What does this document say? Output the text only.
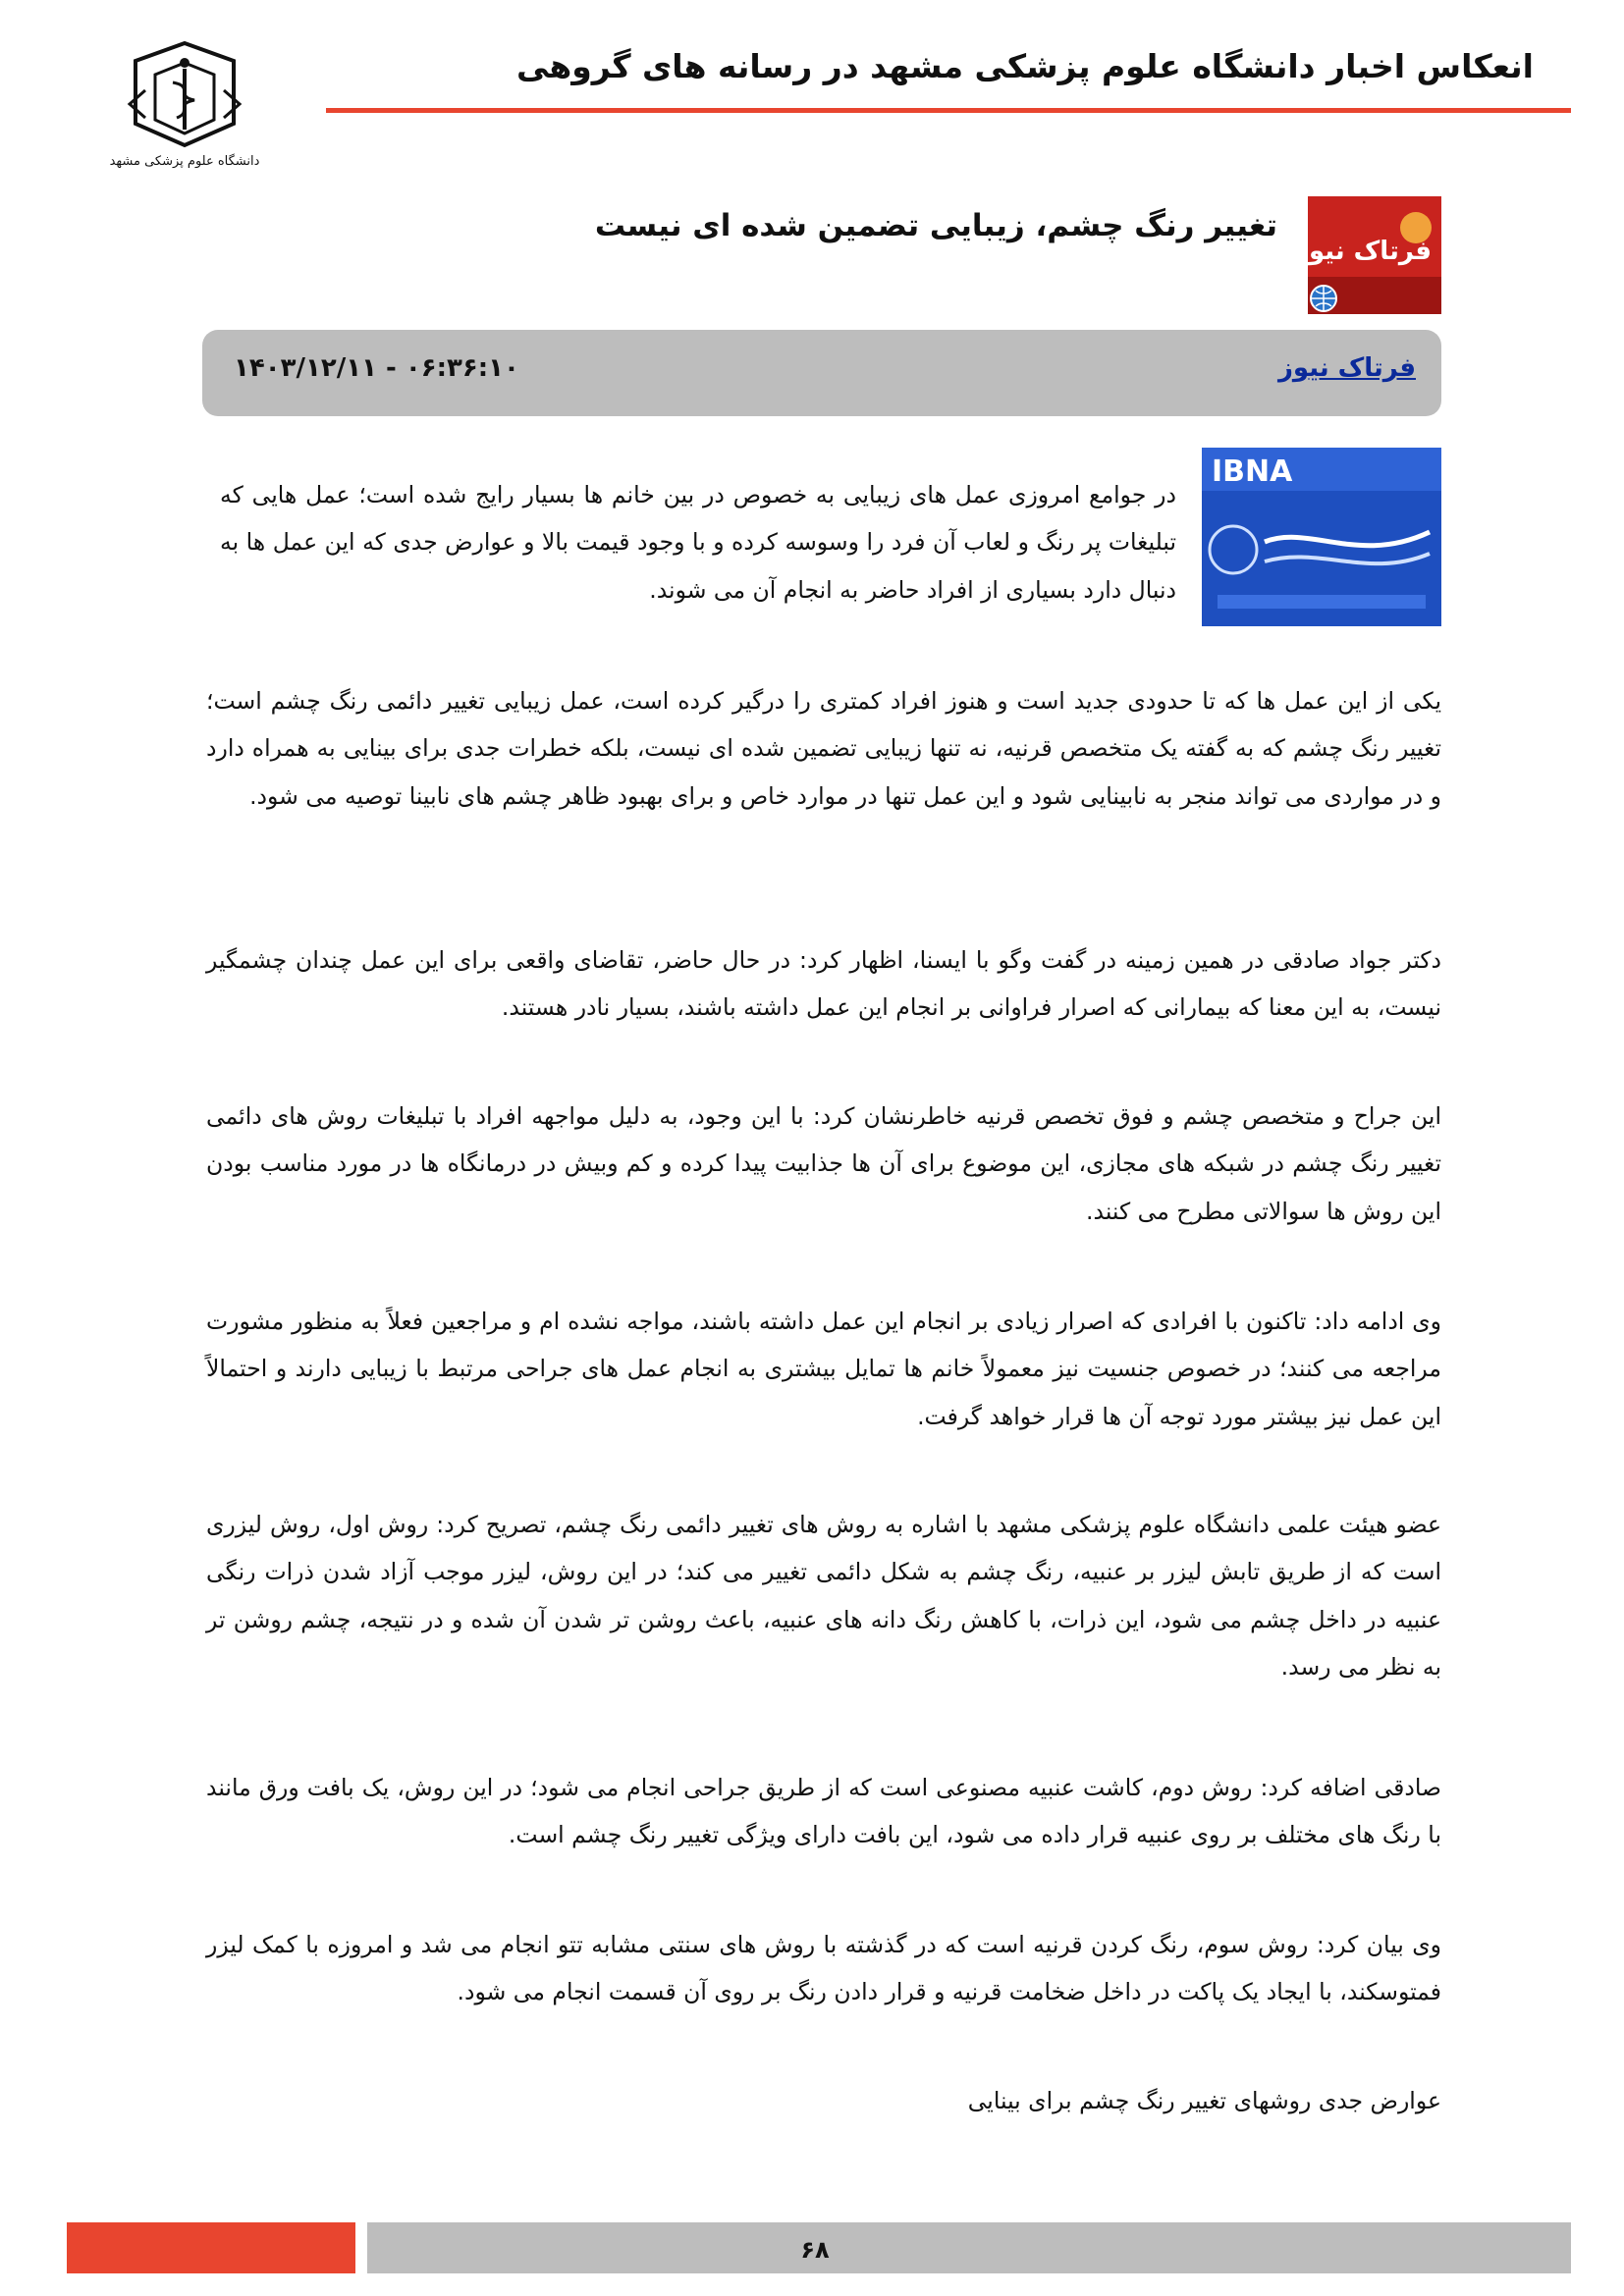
دانشگاه علوم پزشکی مشهد
انعکاس اخبار دانشگاه علوم پزشکی مشهد در رسانه های گروهی
فرتاک نیوز
تغییر رنگ چشم، زیبایی تضمین شده ای نیست
فرتاک نیوز
۱۴۰۳/۱۲/۱۱ - ۰۶:۳۶:۱۰
IBNA

در جوامع امروزی عمل های زیبایی به خصوص در بین خانم ها بسیار رایج شده است؛ عمل هایی که تبلیغات پر رنگ و لعاب آن فرد را وسوسه کرده و با وجود قیمت بالا و عوارض جدی که این عمل ها به دنبال دارد بسیاری از افراد حاضر به انجام آن می شوند.

یکی از این عمل ها که تا حدودی جدید است و هنوز افراد کمتری را درگیر کرده است، عمل زیبایی تغییر دائمی رنگ چشم است؛ تغییر رنگ چشم که به گفته یک متخصص قرنیه، نه تنها زیبایی تضمین شده ای نیست، بلکه خطرات جدی برای بینایی به همراه دارد و در مواردی می تواند منجر به نابینایی شود و این عمل تنها در موارد خاص و برای بهبود ظاهر چشم های نابینا توصیه می شود.

دکتر جواد صادقی در همین زمینه در گفت وگو با ایسنا، اظهار کرد: در حال حاضر، تقاضای واقعی برای این عمل چندان چشمگیر نیست، به این معنا که بیمارانی که اصرار فراوانی بر انجام این عمل داشته باشند، بسیار نادر هستند.

این جراح و متخصص چشم و فوق تخصص قرنیه خاطرنشان کرد: با این وجود، به دلیل مواجهه افراد با تبلیغات روش های دائمی تغییر رنگ چشم در شبکه های مجازی، این موضوع برای آن ها جذابیت پیدا کرده و کم وبیش در درمانگاه ها در مورد مناسب بودن این روش ها سوالاتی مطرح می کنند.

وی ادامه داد: تاکنون با افرادی که اصرار زیادی بر انجام این عمل داشته باشند، مواجه نشده ام و مراجعین فعلاً به منظور مشورت مراجعه می کنند؛ در خصوص جنسیت نیز معمولاً خانم ها تمایل بیشتری به انجام عمل های جراحی مرتبط با زیبایی دارند و احتمالاً این عمل نیز بیشتر مورد توجه آن ها قرار خواهد گرفت.

عضو هیئت علمی دانشگاه علوم پزشکی مشهد با اشاره به روش های تغییر دائمی رنگ چشم، تصریح کرد: روش اول، روش لیزری است که از طریق تابش لیزر بر عنبیه، رنگ چشم به شکل دائمی تغییر می کند؛ در این روش، لیزر موجب آزاد شدن ذرات رنگی عنبیه در داخل چشم می شود، این ذرات، با کاهش رنگ دانه های عنبیه، باعث روشن تر شدن آن شده و در نتیجه، چشم روشن تر به نظر می رسد.

صادقی اضافه کرد: روش دوم، کاشت عنبیه مصنوعی است که از طریق جراحی انجام می شود؛ در این روش، یک بافت ورق مانند با رنگ های مختلف بر روی عنبیه قرار داده می شود، این بافت دارای ویژگی تغییر رنگ چشم است.

وی بیان کرد: روش سوم، رنگ کردن قرنیه است که در گذشته با روش های سنتی مشابه تتو انجام می شد و امروزه با کمک لیزر فمتوسکند، با ایجاد یک پاکت در داخل ضخامت قرنیه و قرار دادن رنگ بر روی آن قسمت انجام می شود.

عوارض جدی روشهای تغییر رنگ چشم برای بینایی

۶۸
